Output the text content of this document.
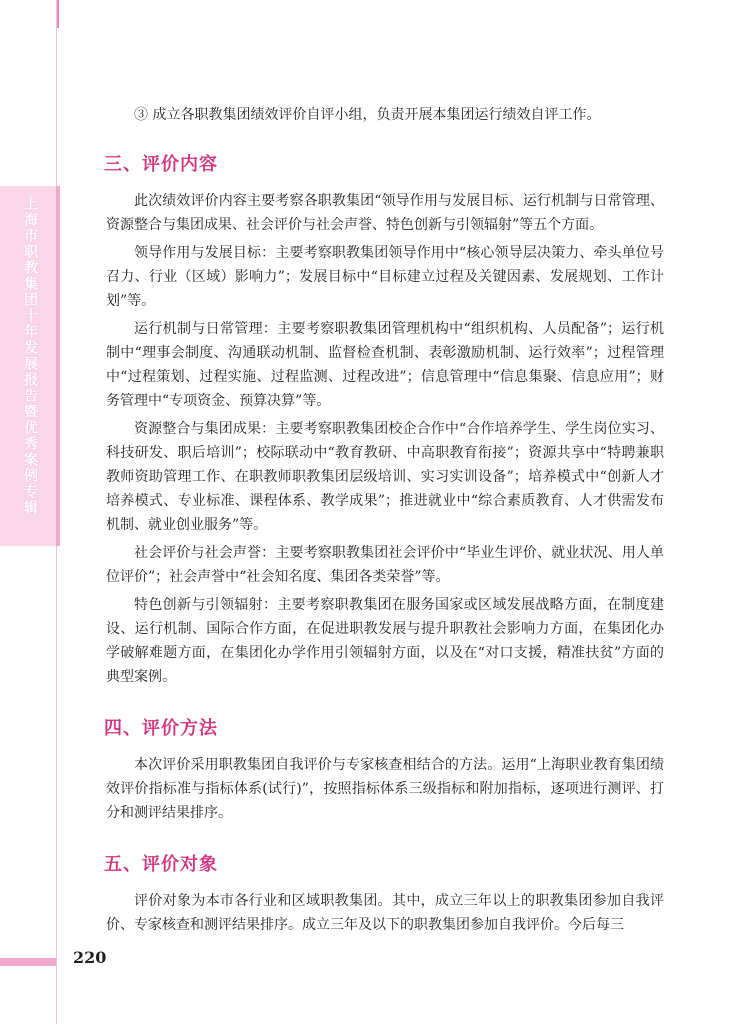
上海市职教集团十年发展报告暨优秀案例专辑

③ 成立各职教集团绩效评价自评小组，负责开展本集团运行绩效自评工作。

三、评价内容

此次绩效评价内容主要考察各职教集团“领导作用与发展目标、运行机制与日常管理、资源整合与集团成果、社会评价与社会声誉、特色创新与引领辐射”等五个方面。

领导作用与发展目标：主要考察职教集团领导作用中“核心领导层决策力、牵头单位号召力、行业（区域）影响力”；发展目标中“目标建立过程及关键因素、发展规划、工作计划”等。

运行机制与日常管理：主要考察职教集团管理机构中“组织机构、人员配备”；运行机制中“理事会制度、沟通联动机制、监督检查机制、表彰激励机制、运行效率”；过程管理中“过程策划、过程实施、过程监测、过程改进”；信息管理中“信息集聚、信息应用”；财务管理中“专项资金、预算决算”等。

资源整合与集团成果：主要考察职教集团校企合作中“合作培养学生、学生岗位实习、科技研发、职后培训”；校际联动中“教育教研、中高职教育衔接”；资源共享中“特聘兼职教师资助管理工作、在职教师职教集团层级培训、实习实训设备”；培养模式中“创新人才培养模式、专业标准、课程体系、教学成果”；推进就业中“综合素质教育、人才供需发布机制、就业创业服务”等。

社会评价与社会声誉：主要考察职教集团社会评价中“毕业生评价、就业状况、用人单位评价”；社会声誉中“社会知名度、集团各类荣誉”等。

特色创新与引领辐射：主要考察职教集团在服务国家或区域发展战略方面，在制度建设、运行机制、国际合作方面，在促进职教发展与提升职教社会影响力方面，在集团化办学破解难题方面，在集团化办学作用引领辐射方面，以及在“对口支援，精准扶贫”方面的典型案例。

四、评价方法

本次评价采用职教集团自我评价与专家核查相结合的方法。运用“上海职业教育集团绩效评价指标准与指标体系(试行)”，按照指标体系三级指标和附加指标，逐项进行测评、打分和测评结果排序。

五、评价对象

评价对象为本市各行业和区域职教集团。其中，成立三年以上的职教集团参加自我评价、专家核查和测评结果排序。成立三年及以下的职教集团参加自我评价。今后每三

220
